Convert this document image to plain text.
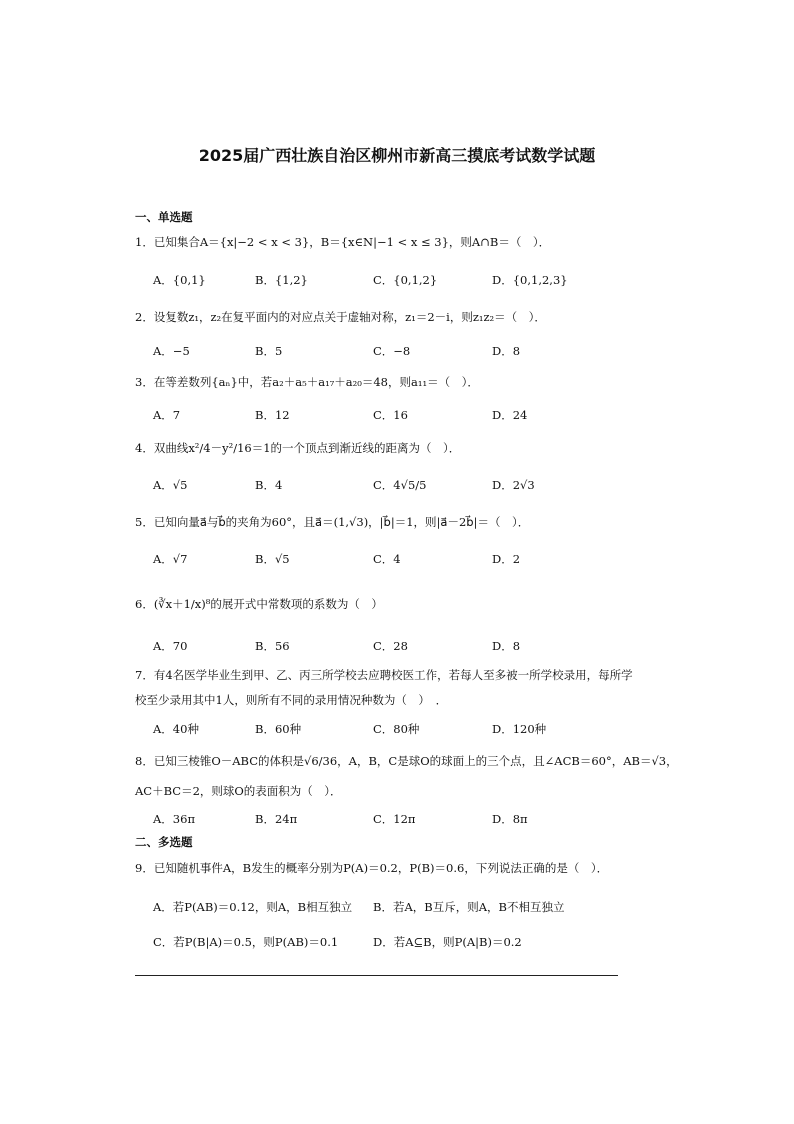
2025届广西壮族自治区柳州市新高三摸底考试数学试题
一、单选题
1．已知集合A＝{x|−2 < x < 3}，B＝{x∈N|−1 < x ≤ 3}，则A∩B＝（　）．
A．{0,1}	B．{1,2}	C．{0,1,2}	D．{0,1,2,3}
2．设复数z₁，z₂在复平面内的对应点关于虚轴对称，z₁＝2－i，则z₁z₂＝（　）．
A．−5	B．5	C．−8	D．8
3．在等差数列{aₙ}中，若a₂＋a₅＋a₁₇＋a₂₀＝48，则a₁₁＝（　）．
A．7	B．12	C．16	D．24
4．双曲线x²/4－y²/16＝1的一个顶点到渐近线的距离为（　）．
A．√5	B．4	C．4√5/5	D．2√3
5．已知向量a⃗与b⃗的夹角为60°，且a⃗＝(1,√3)，|b⃗|＝1，则|a⃗－2b⃗|＝（　）．
A．√7	B．√5	C．4	D．2
6．(∛x＋1/x)⁸的展开式中常数项的系数为（　）
A．70	B．56	C．28	D．8
7．有4名医学毕业生到甲、乙、丙三所学校去应聘校医工作，若每人至多被一所学校录用，每所学
校至少录用其中1人，则所有不同的录用情况种数为（　）　．
A．40种	B．60种	C．80种	D．120种
8．已知三棱锥O－ABC的体积是√6/36，A，B，C是球O的球面上的三个点，且∠ACB＝60°，AB＝√3，
AC＋BC＝2，则球O的表面积为（　）．
A．36π	B．24π	C．12π	D．8π
二、多选题
9．已知随机事件A，B发生的概率分别为P(A)＝0.2，P(B)＝0.6，下列说法正确的是（　）．
A．若P(AB)＝0.12，则A，B相互独立 B．若A，B互斥，则A，B不相互独立
C．若P(B|A)＝0.5，则P(AB)＝0.1	D．若A⊆B，则P(A|B)＝0.2
